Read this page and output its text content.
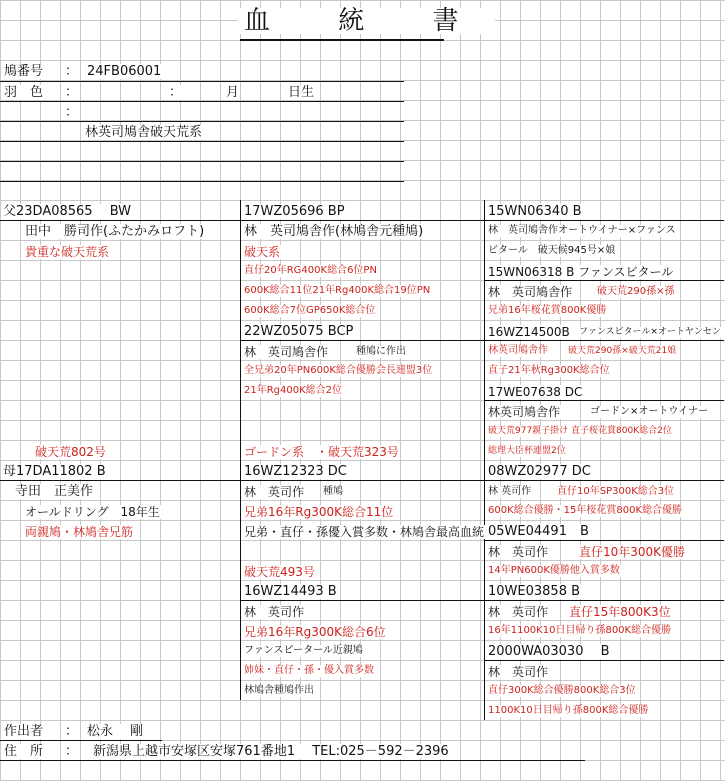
血 統 書
鳩番号 ： 24FB06001
羽　色 ：	：	月	日生
：
林英司鳩舎破天荒系
父23DA08565　 BW
田中　勝司作(ふたかみロフト)
貴重な破天荒系
17WZ05696 BP
林　英司鳩舎作(林鳩舎元種鳩)
破天系
直仔20年RG400K総合6位PN
600K総合11位21年Rg400K総合19位PN
600K総合7位GP650K総合位
22WZ05075 BCP
林　英司鳩舎作	種鳩に作出
全兄弟20年PN600K総合優勝会長連盟3位
21年Rg400K総合2位
15WN06340 B
林　英司鳩舎作オートウイナー×ファンス
ビタール　破天候945号×娘
15WN06318 B ファンスビタール
林　英司鳩舎作 破天荒290孫×孫
兄弟16年桜花賞800K優勝
16WZ14500B ファンスビタール×オートヤンセン
林英司鳩舎作 破天荒290孫×破天荒21娘
直子21年秋Rg300K総合位
17WE07638 DC
林英司鳩舎作	ゴードン×オートウイナー
破天荒977親子掛け 直子桜花賞800K総合2位
総理大臣杯連盟2位
破天荒802号
母17DA11802 B
寺田　正美作
オールドリング　18年生
両親鳩・林鳩舎兄筋
ゴードン系　・破天荒323号
16WZ12323 DC
林　英司作 種鳩
兄弟16年Rg300K総合11位
兄弟・直仔・孫優入賞多数・林鳩舎最高血統
破天荒493号
16WZ14493 B
林　英司作
兄弟16年Rg300K総合6位
ファンスピータール近親鳩
姉妹・直仔・孫・優入賞多数
林鳩舎種鳩作出
08WZ02977 DC
林 英司作	直仔10年SP300K総合3位
600K総合優勝・15年桜花賞800K総合優勝
05WE04491　B
林　英司作	直仔10年300K優勝
14年PN600K優勝他入賞多数
10WE03858 B
林　英司作 直仔15年800K3位
16年1100K10日目帰り孫800K総合優勝
2000WA03030　 B
林　英司作
直仔300K総合優勝800K総合3位
1100K10日目帰り孫800K総合優勝
作出者 ： 松永　 剛
住　所 ： 新潟県上越市安塚区安塚761番地1　 TEL:025－592－2396
